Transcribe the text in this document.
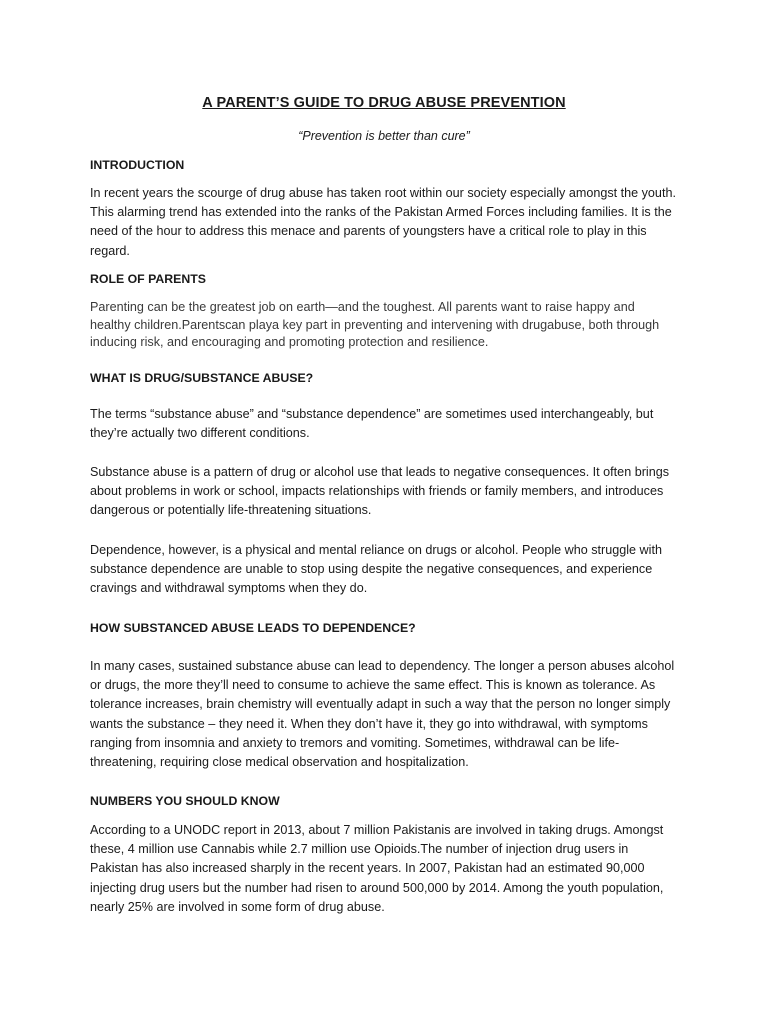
A PARENT’S GUIDE TO DRUG ABUSE PREVENTION
“Prevention is better than cure”
INTRODUCTION

In recent years the scourge of drug abuse has taken root within our society especially amongst the youth. This alarming trend has extended into the ranks of the Pakistan Armed Forces including families. It is the need of the hour to address this menace and parents of youngsters have a critical role to play in this regard.

ROLE OF PARENTS

Parenting can be the greatest job on earth—and the toughest. All parents want to raise happy and healthy children.Parentscan playa key part in preventing and intervening with drugabuse, both through inducing risk, and encouraging and promoting protection and resilience.

WHAT IS DRUG/SUBSTANCE ABUSE?

The terms “substance abuse” and “substance dependence” are sometimes used interchangeably, but they’re actually two different conditions.

Substance abuse is a pattern of drug or alcohol use that leads to negative consequences. It often brings about problems in work or school, impacts relationships with friends or family members, and introduces dangerous or potentially life-threatening situations.

Dependence, however, is a physical and mental reliance on drugs or alcohol. People who struggle with substance dependence are unable to stop using despite the negative consequences, and experience cravings and withdrawal symptoms when they do.

HOW SUBSTANCED ABUSE LEADS TO DEPENDENCE?

In many cases, sustained substance abuse can lead to dependency. The longer a person abuses alcohol or drugs, the more they’ll need to consume to achieve the same effect. This is known as tolerance. As tolerance increases, brain chemistry will eventually adapt in such a way that the person no longer simply wants the substance – they need it. When they don’t have it, they go into withdrawal, with symptoms ranging from insomnia and anxiety to tremors and vomiting. Sometimes, withdrawal can be life-threatening, requiring close medical observation and hospitalization.

NUMBERS YOU SHOULD KNOW

According to a UNODC report in 2013, about 7 million Pakistanis are involved in taking drugs. Amongst these, 4 million use Cannabis while 2.7 million use Opioids.The number of injection drug users in Pakistan has also increased sharply in the recent years. In 2007, Pakistan had an estimated 90,000 injecting drug users but the number had risen to around 500,000 by 2014. Among the youth population, nearly 25% are involved in some form of drug abuse.
